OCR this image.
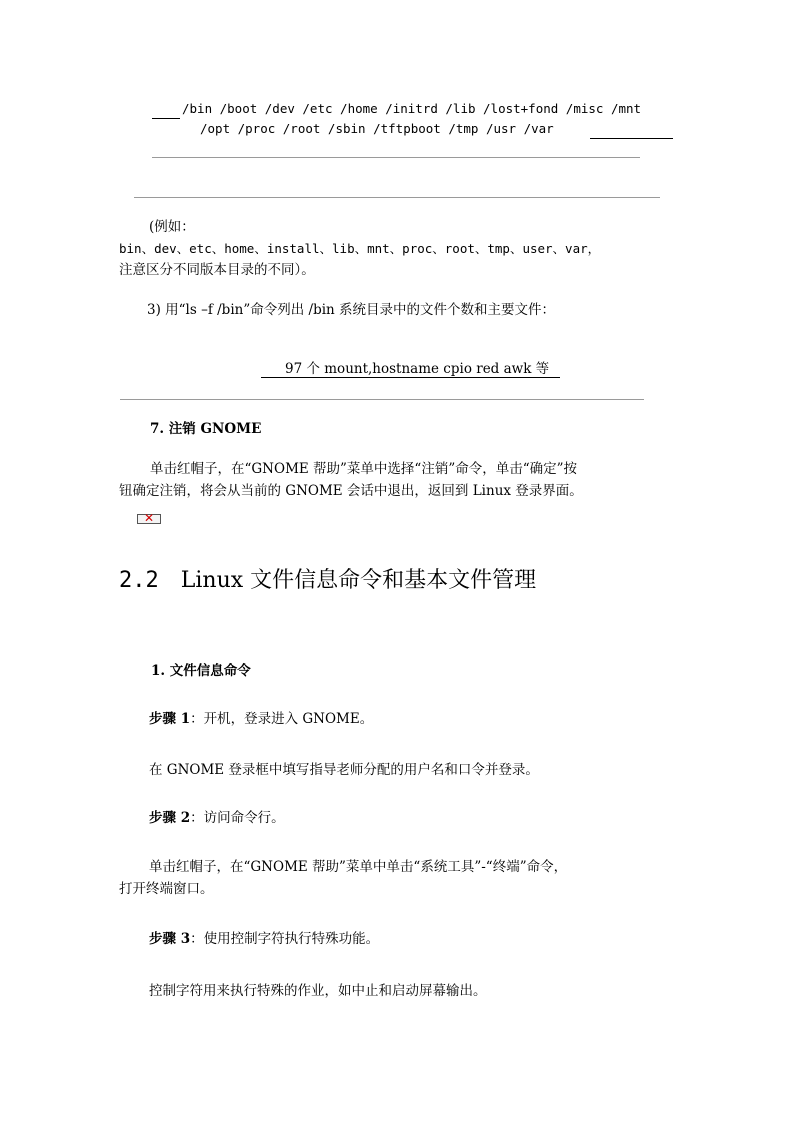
/bin /boot /dev /etc /home /initrd /lib /lost+fond /misc /mnt
/opt /proc /root /sbin /tftpboot /tmp /usr /var
(例如：
bin、dev、etc、home、install、lib、mnt、proc、root、tmp、user、var，
注意区分不同版本目录的不同）。
3) 用“ls –f /bin”命令列出 /bin 系统目录中的文件个数和主要文件：
97 个 mount,hostname cpio red awk 等
7. 注销 GNOME
单击红帽子，在“GNOME 帮助”菜单中选择“注销”命令，单击“确定”按
钮确定注销，将会从当前的 GNOME 会话中退出，返回到 Linux 登录界面。
✕
2.2 Linux 文件信息命令和基本文件管理
1. 文件信息命令
步骤 1：开机，登录进入 GNOME。
在 GNOME 登录框中填写指导老师分配的用户名和口令并登录。
步骤 2：访问命令行。
单击红帽子，在“GNOME 帮助”菜单中单击“系统工具”-“终端”命令，
打开终端窗口。
步骤 3：使用控制字符执行特殊功能。
控制字符用来执行特殊的作业，如中止和启动屏幕输出。
